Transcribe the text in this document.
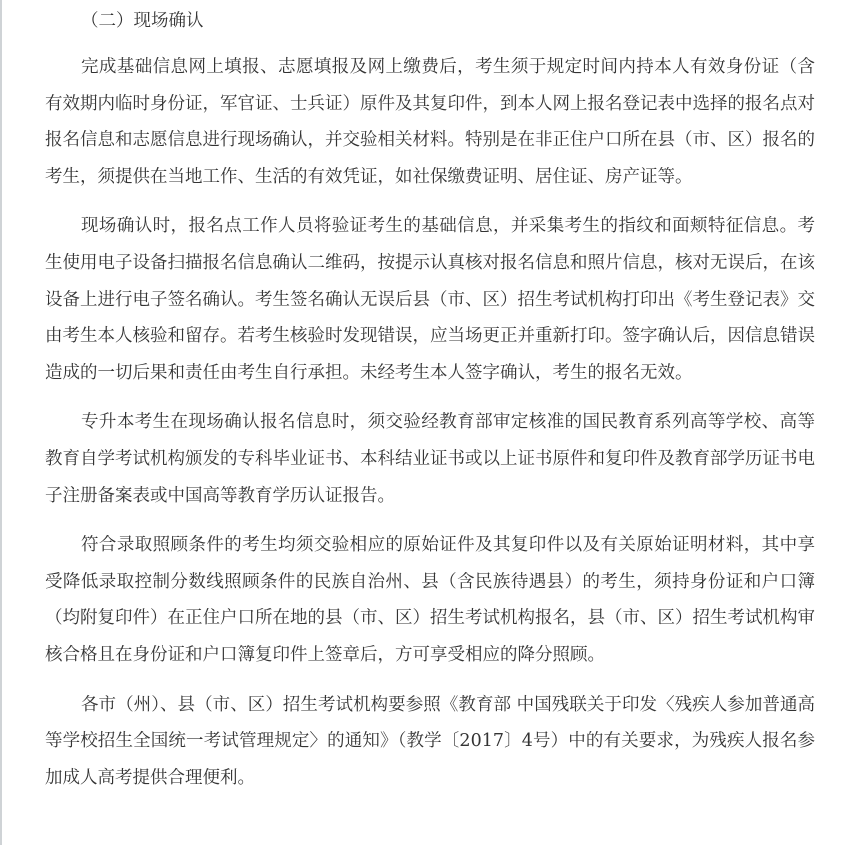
（二）现场确认

完成基础信息网上填报、志愿填报及网上缴费后，考生须于规定时间内持本人有效身份证（含有效期内临时身份证，军官证、士兵证）原件及其复印件，到本人网上报名登记表中选择的报名点对报名信息和志愿信息进行现场确认，并交验相关材料。特别是在非正住户口所在县（市、区）报名的考生，须提供在当地工作、生活的有效凭证，如社保缴费证明、居住证、房产证等。

现场确认时，报名点工作人员将验证考生的基础信息，并采集考生的指纹和面颊特征信息。考生使用电子设备扫描报名信息确认二维码，按提示认真核对报名信息和照片信息，核对无误后，在该设备上进行电子签名确认。考生签名确认无误后县（市、区）招生考试机构打印出《考生登记表》交由考生本人核验和留存。若考生核验时发现错误，应当场更正并重新打印。签字确认后，因信息错误造成的一切后果和责任由考生自行承担。未经考生本人签字确认，考生的报名无效。

专升本考生在现场确认报名信息时，须交验经教育部审定核准的国民教育系列高等学校、高等教育自学考试机构颁发的专科毕业证书、本科结业证书或以上证书原件和复印件及教育部学历证书电子注册备案表或中国高等教育学历认证报告。

符合录取照顾条件的考生均须交验相应的原始证件及其复印件以及有关原始证明材料，其中享受降低录取控制分数线照顾条件的民族自治州、县（含民族待遇县）的考生，须持身份证和户口簿（均附复印件）在正住户口所在地的县（市、区）招生考试机构报名，县（市、区）招生考试机构审核合格且在身份证和户口簿复印件上签章后，方可享受相应的降分照顾。

各市（州）、县（市、区）招生考试机构要参照《教育部 中国残联关于印发〈残疾人参加普通高等学校招生全国统一考试管理规定〉的通知》（教学〔2017〕4号）中的有关要求，为残疾人报名参加成人高考提供合理便利。
